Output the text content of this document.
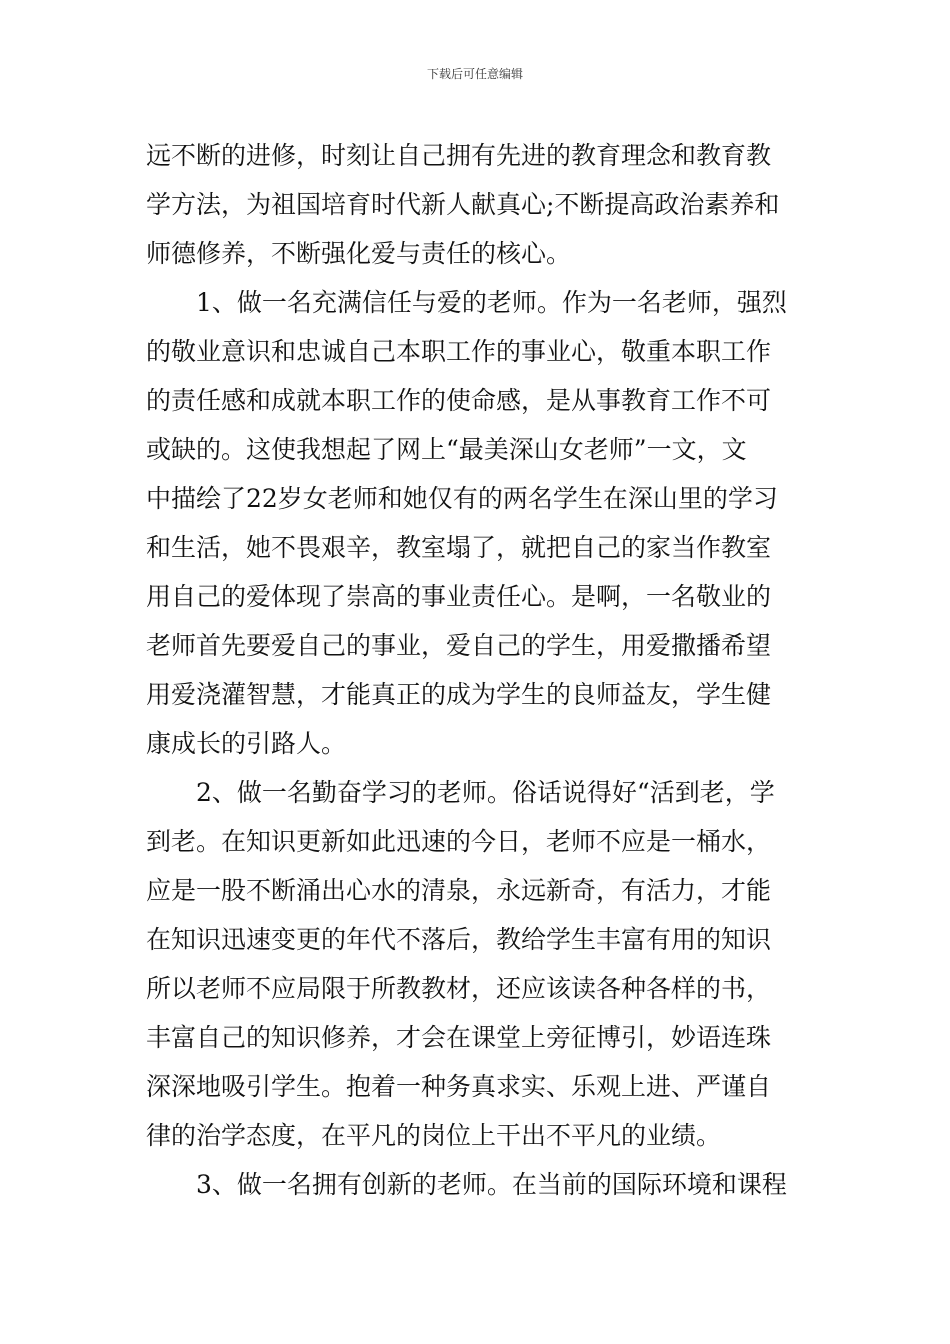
下载后可任意编辑
远不断的进修，时刻让自己拥有先进的教育理念和教育教
学方法，为祖国培育时代新人献真心;不断提高政治素养和
师德修养，不断强化爱与责任的核心。
1、做一名充满信任与爱的老师。作为一名老师，强烈
的敬业意识和忠诚自己本职工作的事业心，敬重本职工作
的责任感和成就本职工作的使命感，是从事教育工作不可
或缺的。这使我想起了网上“最美深山女老师”一文，文
中描绘了22岁女老师和她仅有的两名学生在深山里的学习
和生活，她不畏艰辛，教室塌了，就把自己的家当作教室
用自己的爱体现了崇高的事业责任心。是啊，一名敬业的
老师首先要爱自己的事业，爱自己的学生，用爱撒播希望
用爱浇灌智慧，才能真正的成为学生的良师益友，学生健
康成长的引路人。
2、做一名勤奋学习的老师。俗话说得好“活到老，学
到老。在知识更新如此迅速的今日，老师不应是一桶水，
应是一股不断涌出心水的清泉，永远新奇，有活力，才能
在知识迅速变更的年代不落后，教给学生丰富有用的知识
所以老师不应局限于所教教材，还应该读各种各样的书，
丰富自己的知识修养，才会在课堂上旁征博引，妙语连珠
深深地吸引学生。抱着一种务真求实、乐观上进、严谨自
律的治学态度，在平凡的岗位上干出不平凡的业绩。
3、做一名拥有创新的老师。在当前的国际环境和课程
